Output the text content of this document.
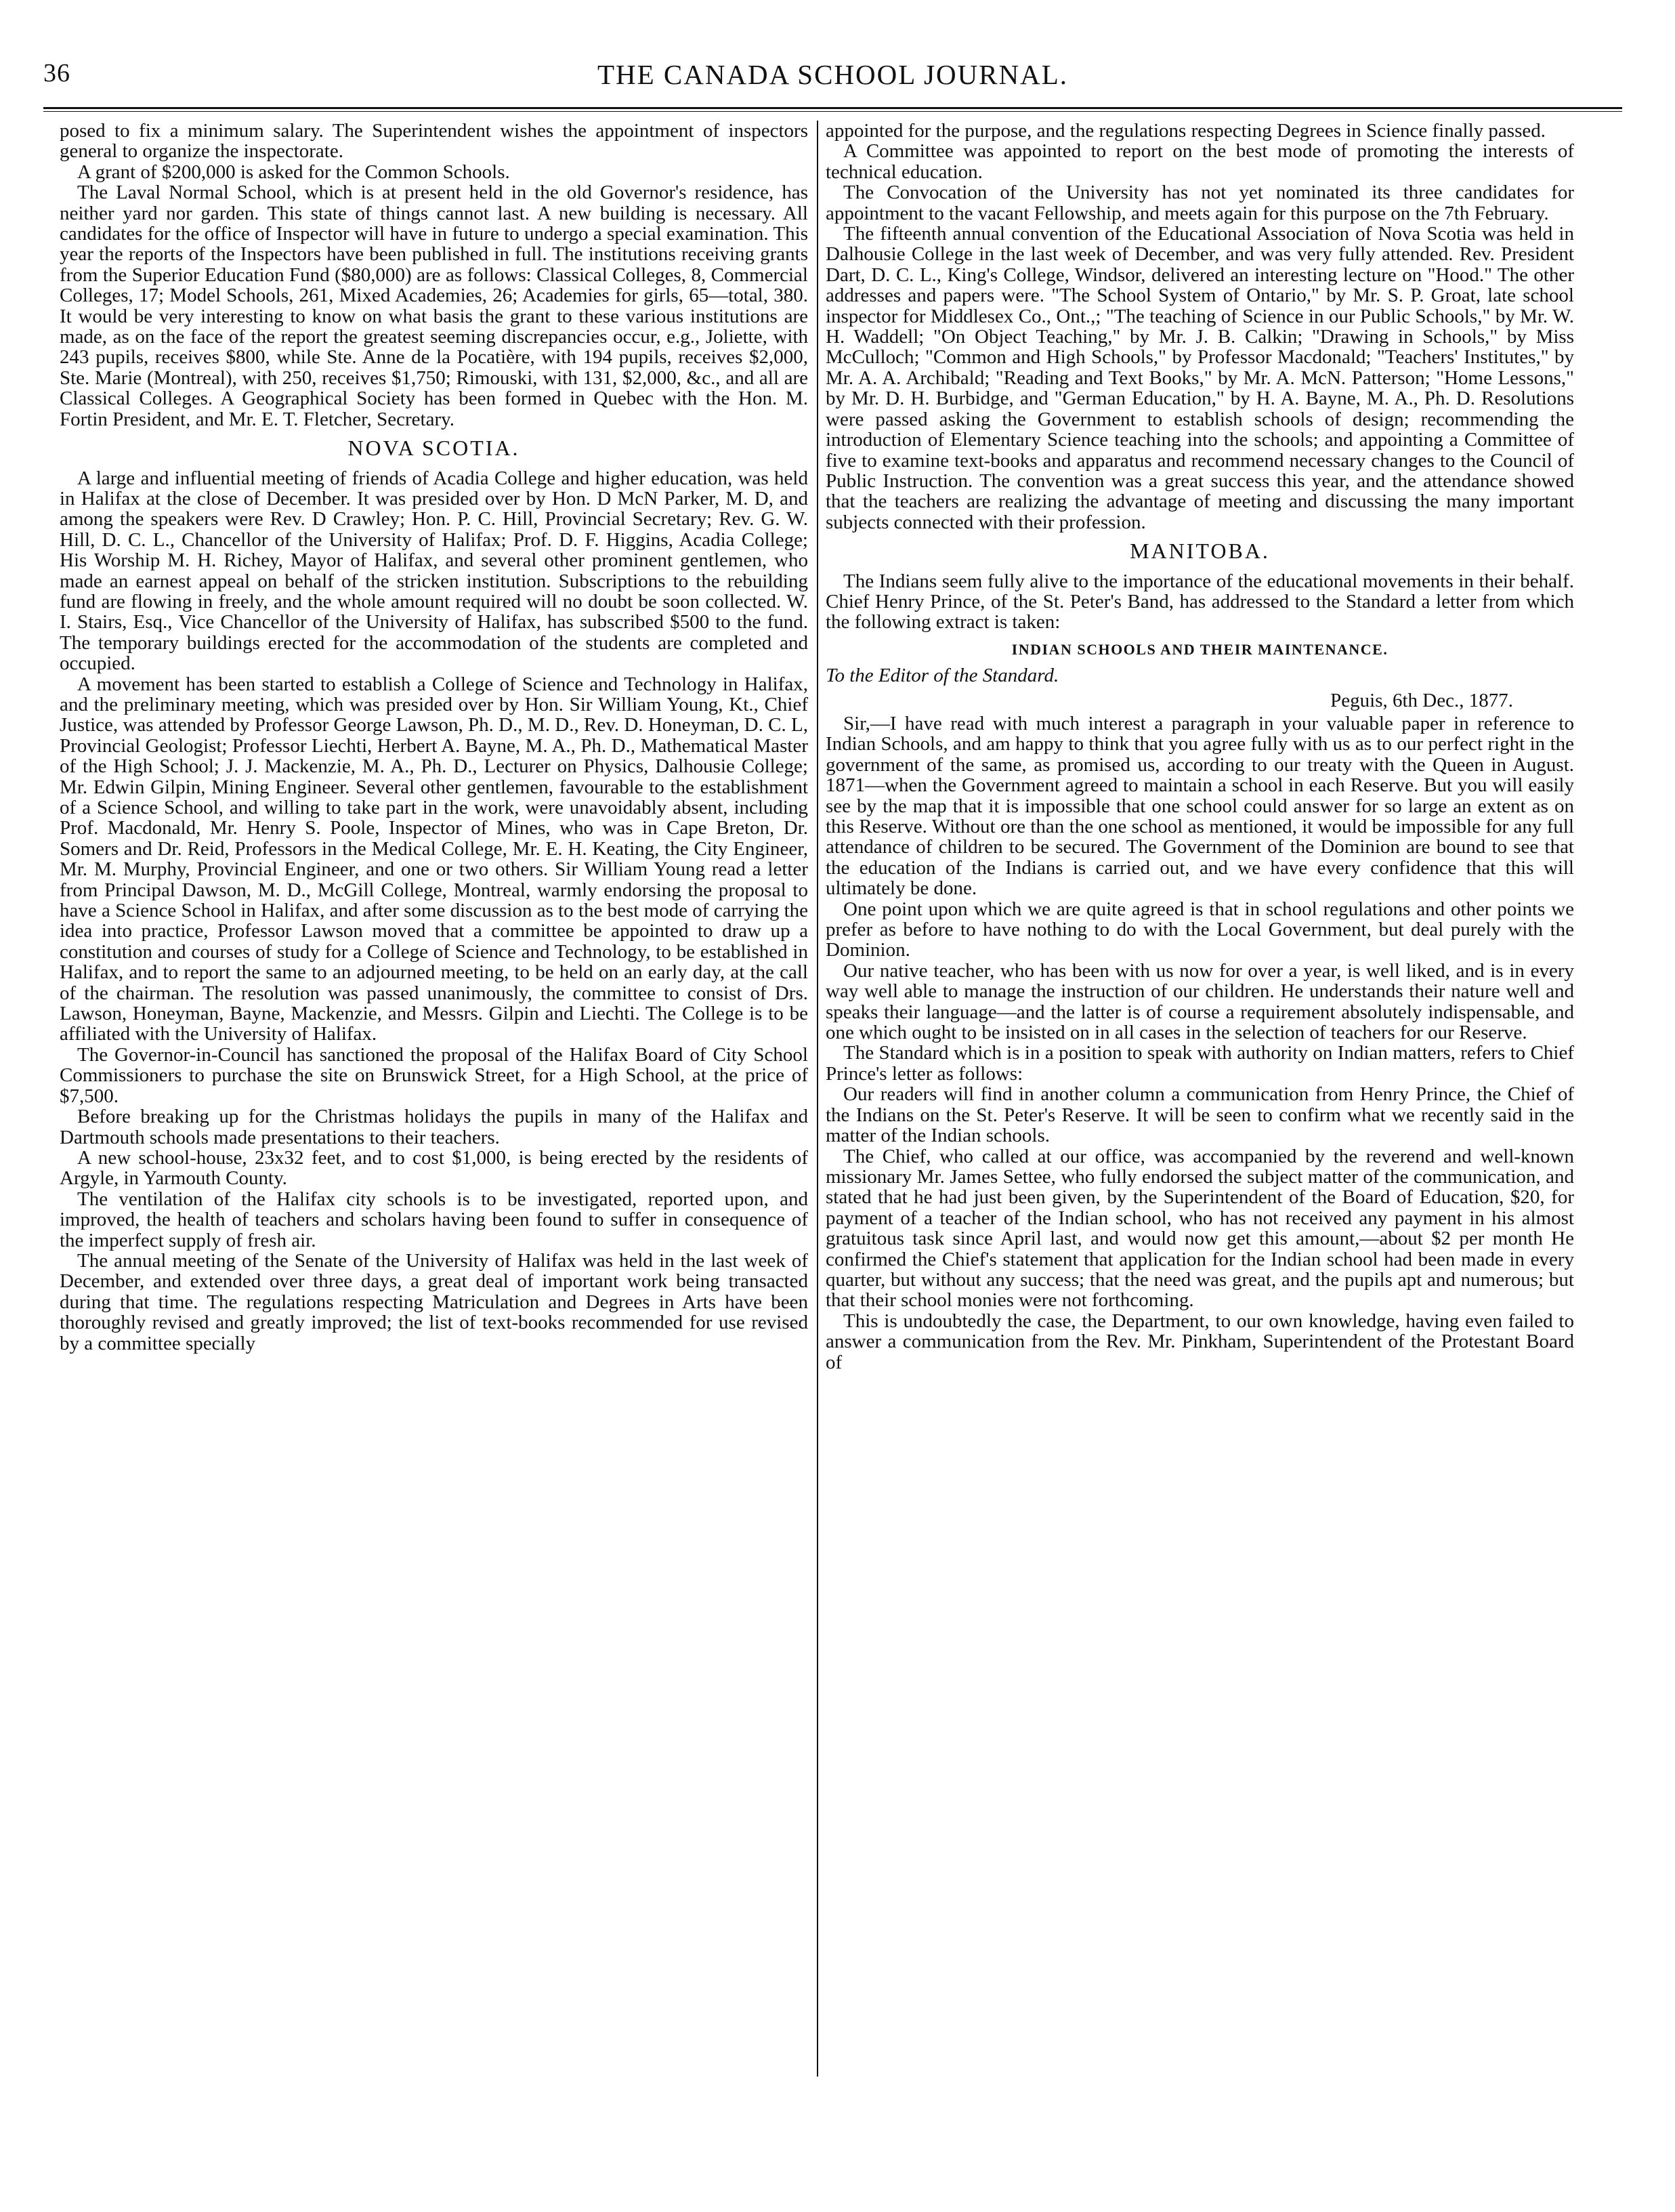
36	THE CANADA SCHOOL JOURNAL.

posed to fix a minimum salary. The Superintendent wishes the appointment of inspectors general to organize the inspectorate.

A grant of $200,000 is asked for the Common Schools.

The Laval Normal School, which is at present held in the old Governor's residence, has neither yard nor garden. This state of things cannot last. A new building is necessary. All candidates for the office of Inspector will have in future to undergo a special examination. This year the reports of the Inspectors have been published in full. The institutions receiving grants from the Superior Education Fund ($80,000) are as follows: Classical Colleges, 8, Commercial Colleges, 17; Model Schools, 261, Mixed Academies, 26; Academies for girls, 65—total, 380. It would be very interesting to know on what basis the grant to these various institutions are made, as on the face of the report the greatest seeming discrepancies occur, e.g., Joliette, with 243 pupils, receives $800, while Ste. Anne de la Pocatière, with 194 pupils, receives $2,000, Ste. Marie (Montreal), with 250, receives $1,750; Rimouski, with 131, $2,000, &c., and all are Classical Colleges. A Geographical Society has been formed in Quebec with the Hon. M. Fortin President, and Mr. E. T. Fletcher, Secretary.

NOVA SCOTIA.

A large and influential meeting of friends of Acadia College and higher education, was held in Halifax at the close of December. It was presided over by Hon. D McN Parker, M. D, and among the speakers were Rev. D Crawley; Hon. P. C. Hill, Provincial Secretary; Rev. G. W. Hill, D. C. L., Chancellor of the University of Halifax; Prof. D. F. Higgins, Acadia College; His Worship M. H. Richey, Mayor of Halifax, and several other prominent gentlemen, who made an earnest appeal on behalf of the stricken institution. Subscriptions to the rebuilding fund are flowing in freely, and the whole amount required will no doubt be soon collected. W. I. Stairs, Esq., Vice Chancellor of the University of Halifax, has subscribed $500 to the fund. The temporary buildings erected for the accommodation of the students are completed and occupied.

A movement has been started to establish a College of Science and Technology in Halifax, and the preliminary meeting, which was presided over by Hon. Sir William Young, Kt., Chief Justice, was attended by Professor George Lawson, Ph. D., M. D., Rev. D. Honeyman, D. C. L, Provincial Geologist; Professor Liechti, Herbert A. Bayne, M. A., Ph. D., Mathematical Master of the High School; J. J. Mackenzie, M. A., Ph. D., Lecturer on Physics, Dalhousie College; Mr. Edwin Gilpin, Mining Engineer. Several other gentlemen, favourable to the establishment of a Science School, and willing to take part in the work, were unavoidably absent, including Prof. Macdonald, Mr. Henry S. Poole, Inspector of Mines, who was in Cape Breton, Dr. Somers and Dr. Reid, Professors in the Medical College, Mr. E. H. Keating, the City Engineer, Mr. M. Murphy, Provincial Engineer, and one or two others. Sir William Young read a letter from Principal Dawson, M. D., McGill College, Montreal, warmly endorsing the proposal to have a Science School in Halifax, and after some discussion as to the best mode of carrying the idea into practice, Professor Lawson moved that a committee be appointed to draw up a constitution and courses of study for a College of Science and Technology, to be established in Halifax, and to report the same to an adjourned meeting, to be held on an early day, at the call of the chairman. The resolution was passed unanimously, the committee to consist of Drs. Lawson, Honeyman, Bayne, Mackenzie, and Messrs. Gilpin and Liechti. The College is to be affiliated with the University of Halifax.

The Governor-in-Council has sanctioned the proposal of the Halifax Board of City School Commissioners to purchase the site on Brunswick Street, for a High School, at the price of $7,500.

Before breaking up for the Christmas holidays the pupils in many of the Halifax and Dartmouth schools made presentations to their teachers.

A new school-house, 23x32 feet, and to cost $1,000, is being erected by the residents of Argyle, in Yarmouth County.

The ventilation of the Halifax city schools is to be investigated, reported upon, and improved, the health of teachers and scholars having been found to suffer in consequence of the imperfect supply of fresh air.

The annual meeting of the Senate of the University of Halifax was held in the last week of December, and extended over three days, a great deal of important work being transacted during that time. The regulations respecting Matriculation and Degrees in Arts have been thoroughly revised and greatly improved; the list of text-books recommended for use revised by a committee specially

appointed for the purpose, and the regulations respecting Degrees in Science finally passed.

A Committee was appointed to report on the best mode of promoting the interests of technical education.

The Convocation of the University has not yet nominated its three candidates for appointment to the vacant Fellowship, and meets again for this purpose on the 7th February.

The fifteenth annual convention of the Educational Association of Nova Scotia was held in Dalhousie College in the last week of December, and was very fully attended. Rev. President Dart, D. C. L., King's College, Windsor, delivered an interesting lecture on "Hood." The other addresses and papers were. "The School System of Ontario," by Mr. S. P. Groat, late school inspector for Middlesex Co., Ont.,; "The teaching of Science in our Public Schools," by Mr. W. H. Waddell; "On Object Teaching," by Mr. J. B. Calkin; "Drawing in Schools," by Miss McCulloch; "Common and High Schools," by Professor Macdonald; "Teachers' Institutes," by Mr. A. A. Archibald; "Reading and Text Books," by Mr. A. McN. Patterson; "Home Lessons," by Mr. D. H. Burbidge, and "German Education," by H. A. Bayne, M. A., Ph. D. Resolutions were passed asking the Government to establish schools of design; recommending the introduction of Elementary Science teaching into the schools; and appointing a Committee of five to examine text-books and apparatus and recommend necessary changes to the Council of Public Instruction. The convention was a great success this year, and the attendance showed that the teachers are realizing the advantage of meeting and discussing the many important subjects connected with their profession.

MANITOBA.

The Indians seem fully alive to the importance of the educational movements in their behalf. Chief Henry Prince, of the St. Peter's Band, has addressed to the Standard a letter from which the following extract is taken:

INDIAN SCHOOLS AND THEIR MAINTENANCE.

To the Editor of the Standard.

Peguis, 6th Dec., 1877.

Sir,—I have read with much interest a paragraph in your valuable paper in reference to Indian Schools, and am happy to think that you agree fully with us as to our perfect right in the government of the same, as promised us, according to our treaty with the Queen in August. 1871—when the Government agreed to maintain a school in each Reserve. But you will easily see by the map that it is impossible that one school could answer for so large an extent as on this Reserve. Without ore than the one school as mentioned, it would be impossible for any full attendance of children to be secured. The Government of the Dominion are bound to see that the education of the Indians is carried out, and we have every confidence that this will ultimately be done.

One point upon which we are quite agreed is that in school regulations and other points we prefer as before to have nothing to do with the Local Government, but deal purely with the Dominion.

Our native teacher, who has been with us now for over a year, is well liked, and is in every way well able to manage the instruction of our children. He understands their nature well and speaks their language—and the latter is of course a requirement absolutely indispensable, and one which ought to be insisted on in all cases in the selection of teachers for our Reserve.

The Standard which is in a position to speak with authority on Indian matters, refers to Chief Prince's letter as follows:

Our readers will find in another column a communication from Henry Prince, the Chief of the Indians on the St. Peter's Reserve. It will be seen to confirm what we recently said in the matter of the Indian schools.

The Chief, who called at our office, was accompanied by the reverend and well-known missionary Mr. James Settee, who fully endorsed the subject matter of the communication, and stated that he had just been given, by the Superintendent of the Board of Education, $20, for payment of a teacher of the Indian school, who has not received any payment in his almost gratuitous task since April last, and would now get this amount,—about $2 per month He confirmed the Chief's statement that application for the Indian school had been made in every quarter, but without any success; that the need was great, and the pupils apt and numerous; but that their school monies were not forthcoming.

This is undoubtedly the case, the Department, to our own knowledge, having even failed to answer a communication from the Rev. Mr. Pinkham, Superintendent of the Protestant Board of
